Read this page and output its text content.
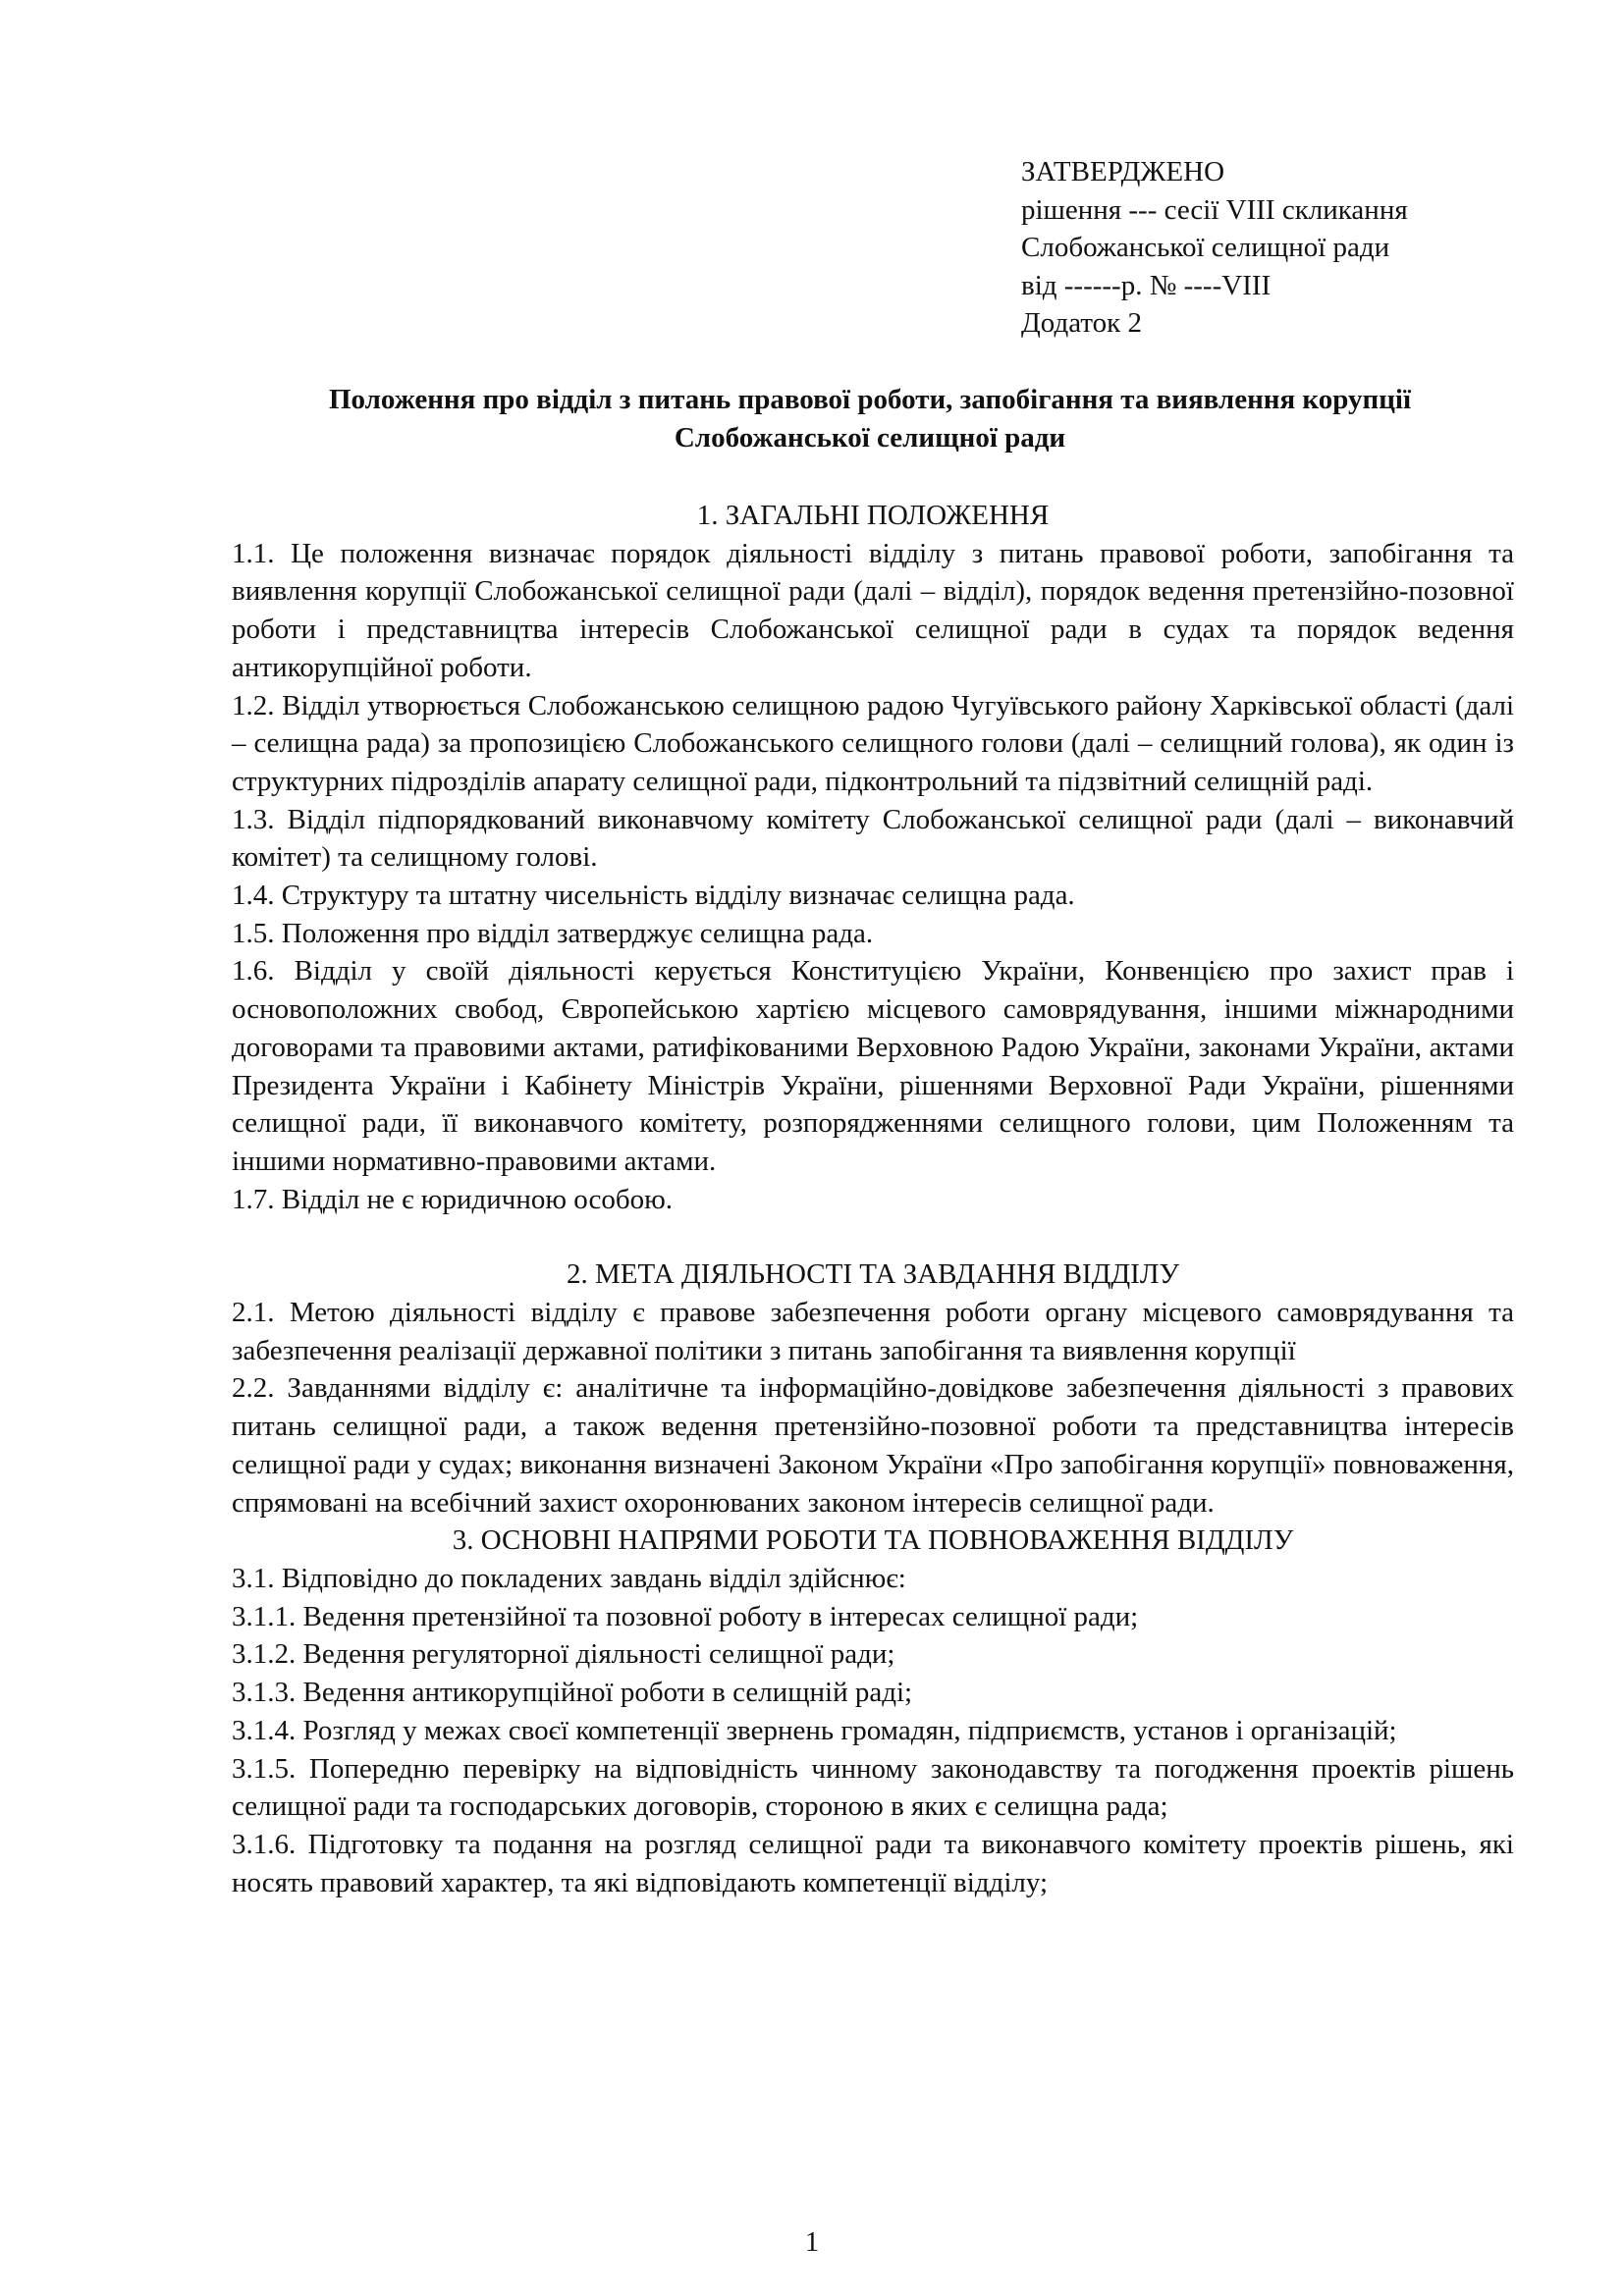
ЗАТВЕРДЖЕНО
рішення --- сесії VIII скликання
Слобожанської селищної ради
від ------р. № ----VIII
Додаток 2
Положення про відділ з питань правової роботи, запобігання та виявлення корупції
Слобожанської селищної ради

1. ЗАГАЛЬНІ ПОЛОЖЕННЯ

1.1. Це положення визначає порядок діяльності відділу з питань правової роботи, запобігання та виявлення корупції Слобожанської селищної ради (далі – відділ), порядок ведення претензійно-позовної роботи і представництва інтересів Слобожанської селищної ради в судах та порядок ведення антикорупційної роботи.

1.2. Відділ утворюється Слобожанською селищною радою Чугуївського району Харківської області (далі – селищна рада) за пропозицією Слобожанського селищного голови (далі – селищний голова), як один із структурних підрозділів апарату селищної ради, підконтрольний та підзвітний селищній раді.

1.3. Відділ підпорядкований виконавчому комітету Слобожанської селищної ради (далі – виконавчий комітет) та селищному голові.

1.4. Структуру та штатну чисельність відділу визначає селищна рада.

1.5. Положення про відділ затверджує селищна рада.

1.6. Відділ у своїй діяльності керується Конституцією України, Конвенцією про захист прав і основоположних свобод, Європейською хартією місцевого самоврядування, іншими міжнародними договорами та правовими актами, ратифікованими Верховною Радою України, законами України, актами Президента України і Кабінету Міністрів України, рішеннями Верховної Ради України, рішеннями селищної ради, її виконавчого комітету, розпорядженнями селищного голови, цим Положенням та іншими нормативно-правовими актами.

1.7. Відділ не є юридичною особою.

2. МЕТА ДІЯЛЬНОСТІ ТА ЗАВДАННЯ ВІДДІЛУ

2.1. Метою діяльності відділу є правове забезпечення роботи органу місцевого самоврядування та забезпечення реалізації державної політики з питань запобігання та виявлення корупції

2.2. Завданнями відділу є: аналітичне та інформаційно-довідкове забезпечення діяльності з правових питань селищної ради, а також ведення претензійно-позовної роботи та представництва інтересів селищної ради у судах; виконання визначені Законом України «Про запобігання корупції» повноваження, спрямовані на всебічний захист охоронюваних законом інтересів селищної ради.

3. ОСНОВНІ НАПРЯМИ РОБОТИ ТА ПОВНОВАЖЕННЯ ВІДДІЛУ

3.1. Відповідно до покладених завдань відділ здійснює:

3.1.1. Ведення претензійної та позовної роботу в інтересах селищної ради;

3.1.2. Ведення регуляторної діяльності селищної ради;

3.1.3. Ведення антикорупційної роботи в селищній раді;

3.1.4. Розгляд у межах своєї компетенції звернень громадян, підприємств, установ і організацій;

3.1.5. Попередню перевірку на відповідність чинному законодавству та погодження проектів рішень селищної ради та господарських договорів, стороною в яких є селищна рада;

3.1.6. Підготовку та подання на розгляд селищної ради та виконавчого комітету проектів рішень, які носять правовий характер, та які відповідають компетенції відділу;

1
